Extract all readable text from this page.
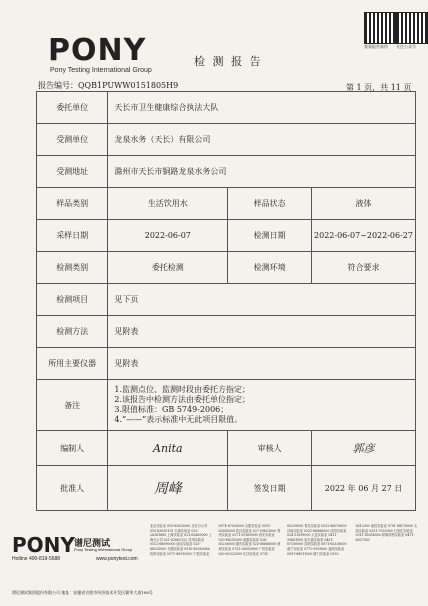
查看报告真伪 关注公众号
PONY
Pony Testing International Group
检 测 报 告
报告编号：QQB1PUWW0151805H9	第 1 页，共 11 页
委托单位	天长市卫生健康综合执法大队		
受测单位	龙泉水务（天长）有限公司		
受测地址	滁州市天长市铜路龙泉水务公司		
样品类别	生活饮用水	样品状态	液体
采样日期	2022-06-07	检测日期	2022-06-07~2022-06-27
检测类别	委托检测	检测环境	符合要求
检测项目	见下页		
检测方法	见附表		
所用主要仪器	见附表		
备注	1.监测点位、监测时段由委托方指定；
2.该报告中检测方法由委托单位指定；
3.限值标准：GB 5749-2006；
4.“——”表示标准中无此项目限值。		

编制人	Anita	审核人	郭彦
批准人	周峰	签发日期	2022 年 06 月 27 日
PONY 谱尼测试
Pony Testing International Group
Hotline 400-819-5688	www.ponytest.com
谱尼测试集团股份有限公司 地址：安徽省合肥市经济技术开发区繁华大道188号
北京实验室 010-83055000 北京分公司 010-83055191 天津实验室 022-26381860 上海实验室 021-62665000 上海分公司 021-62665122 苏州实验室 0512-68090000 南京实验室 025-68525000 无锡实验室 0510-85383086 杭州实验室 0571-86915000 宁波实验室 0574-87926000 合肥实验室 0551-62685000 武汉实验室 027-59623000 郑州实验室 0371-67885000 西安实验室 029-88255000 成都实验室 028-85256000 重庆实验室 023-68686000 深圳实验室 0755-26050909 广州实验室 020-82323000 长沙实验室 0731-85295000 青岛实验室 0532-86076000 济南实验室 0531-88866000 沈阳实验室 024-31599000 大连实验室 0411-39661000 哈尔滨实验室 0451-87100000 昆明实验室 0871-65336000 南宁实验室 0771-5559000 福州实验室 0591-88011000 厦门实验室 0592-5612000 南昌实验室 0791-88176000 太原实验室 0351-7025000 石家庄实验室 0311-85356000 呼和浩特实验室 0471-6927000
